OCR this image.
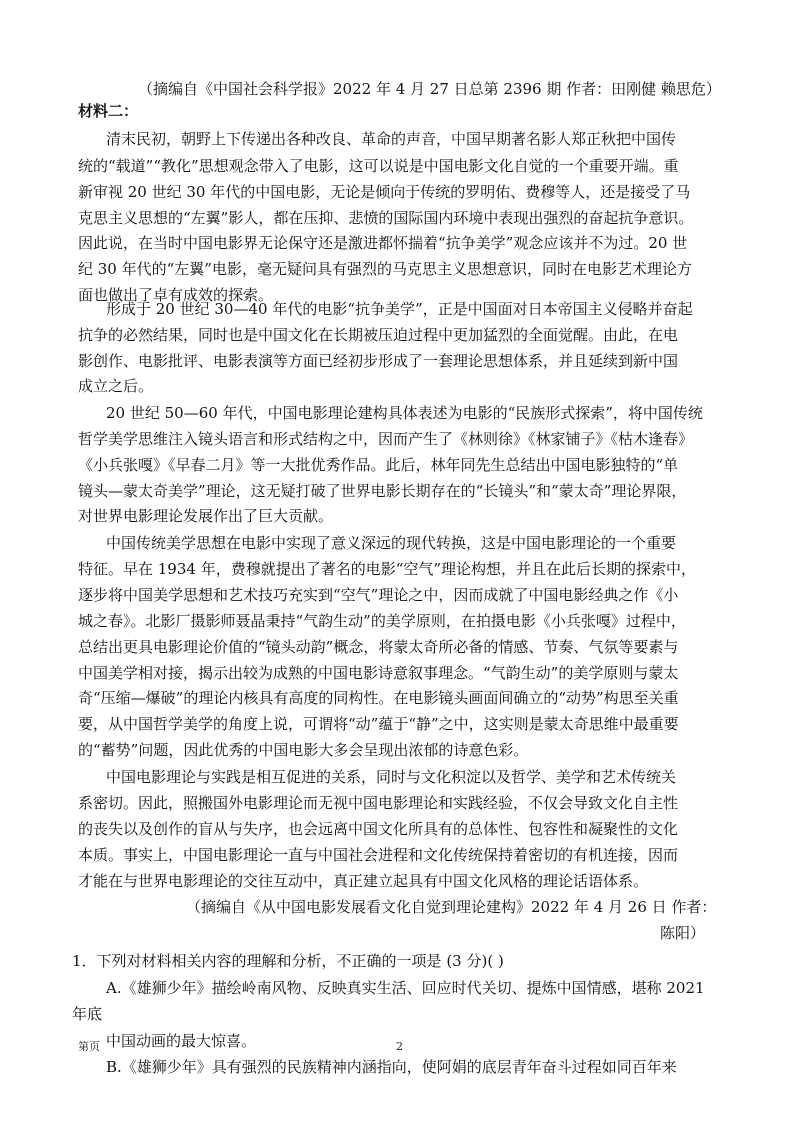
（摘编自《中国社会科学报》2022 年 4 月 27 日总第 2396 期 作者：田刚健 赖思危）
材料二：
清末民初，朝野上下传递出各种改良、革命的声音，中国早期著名影人郑正秋把中国传
统的“载道”“教化”思想观念带入了电影，这可以说是中国电影文化自觉的一个重要开端。重
新审视 20 世纪 30 年代的中国电影，无论是倾向于传统的罗明佑、费穆等人，还是接受了马
克思主义思想的“左翼”影人，都在压抑、悲愤的国际国内环境中表现出强烈的奋起抗争意识。
因此说，在当时中国电影界无论保守还是激进都怀揣着“抗争美学”观念应该并不为过。20 世
纪 30 年代的“左翼”电影，毫无疑问具有强烈的马克思主义思想意识，同时在电影艺术理论方
面也做出了卓有成效的探索。
形成于 20 世纪 30—40 年代的电影“抗争美学”，正是中国面对日本帝国主义侵略并奋起
抗争的必然结果，同时也是中国文化在长期被压迫过程中更加猛烈的全面觉醒。由此，在电
影创作、电影批评、电影表演等方面已经初步形成了一套理论思想体系，并且延续到新中国
成立之后。
20 世纪 50—60 年代，中国电影理论建构具体表述为电影的“民族形式探索”，将中国传统
哲学美学思维注入镜头语言和形式结构之中，因而产生了《林则徐》《林家铺子》《枯木逢春》
《小兵张嘎》《早春二月》等一大批优秀作品。此后，林年同先生总结出中国电影独特的“单
镜头—蒙太奇美学”理论，这无疑打破了世界电影长期存在的“长镜头”和“蒙太奇”理论界限，
对世界电影理论发展作出了巨大贡献。
中国传统美学思想在电影中实现了意义深远的现代转换，这是中国电影理论的一个重要
特征。早在 1934 年，费穆就提出了著名的电影“空气”理论构想，并且在此后长期的探索中，
逐步将中国美学思想和艺术技巧充实到“空气”理论之中，因而成就了中国电影经典之作《小
城之春》。北影厂摄影师聂晶秉持“气韵生动”的美学原则，在拍摄电影《小兵张嘎》过程中，
总结出更具电影理论价值的“镜头动韵”概念，将蒙太奇所必备的情感、节奏、气氛等要素与
中国美学相对接，揭示出较为成熟的中国电影诗意叙事理念。“气韵生动”的美学原则与蒙太
奇“压缩—爆破”的理论内核具有高度的同构性。在电影镜头画面间确立的“动势”构思至关重
要，从中国哲学美学的角度上说，可谓将“动”蕴于“静”之中，这实则是蒙太奇思维中最重要
的“蓄势”问题，因此优秀的中国电影大多会呈现出浓郁的诗意色彩。
中国电影理论与实践是相互促进的关系，同时与文化积淀以及哲学、美学和艺术传统关
系密切。因此，照搬国外电影理论而无视中国电影理论和实践经验，不仅会导致文化自主性
的丧失以及创作的盲从与失序，也会远离中国文化所具有的总体性、包容性和凝聚性的文化
本质。事实上，中国电影理论一直与中国社会进程和文化传统保持着密切的有机连接，因而
才能在与世界电影理论的交往互动中，真正建立起具有中国文化风格的理论话语体系。
（摘编自《从中国电影发展看文化自觉到理论建构》2022 年 4 月 26 日 作者：
陈阳）
1．下列对材料相关内容的理解和分析，不正确的一项是 (3 分)( )
A.《雄狮少年》描绘岭南风物、反映真实生活、回应时代关切、提炼中国情感，堪称 2021
年底
中国动画的最大惊喜。
B.《雄狮少年》具有强烈的民族精神内涵指向，使阿娟的底层青年奋斗过程如同百年来
第页	2
